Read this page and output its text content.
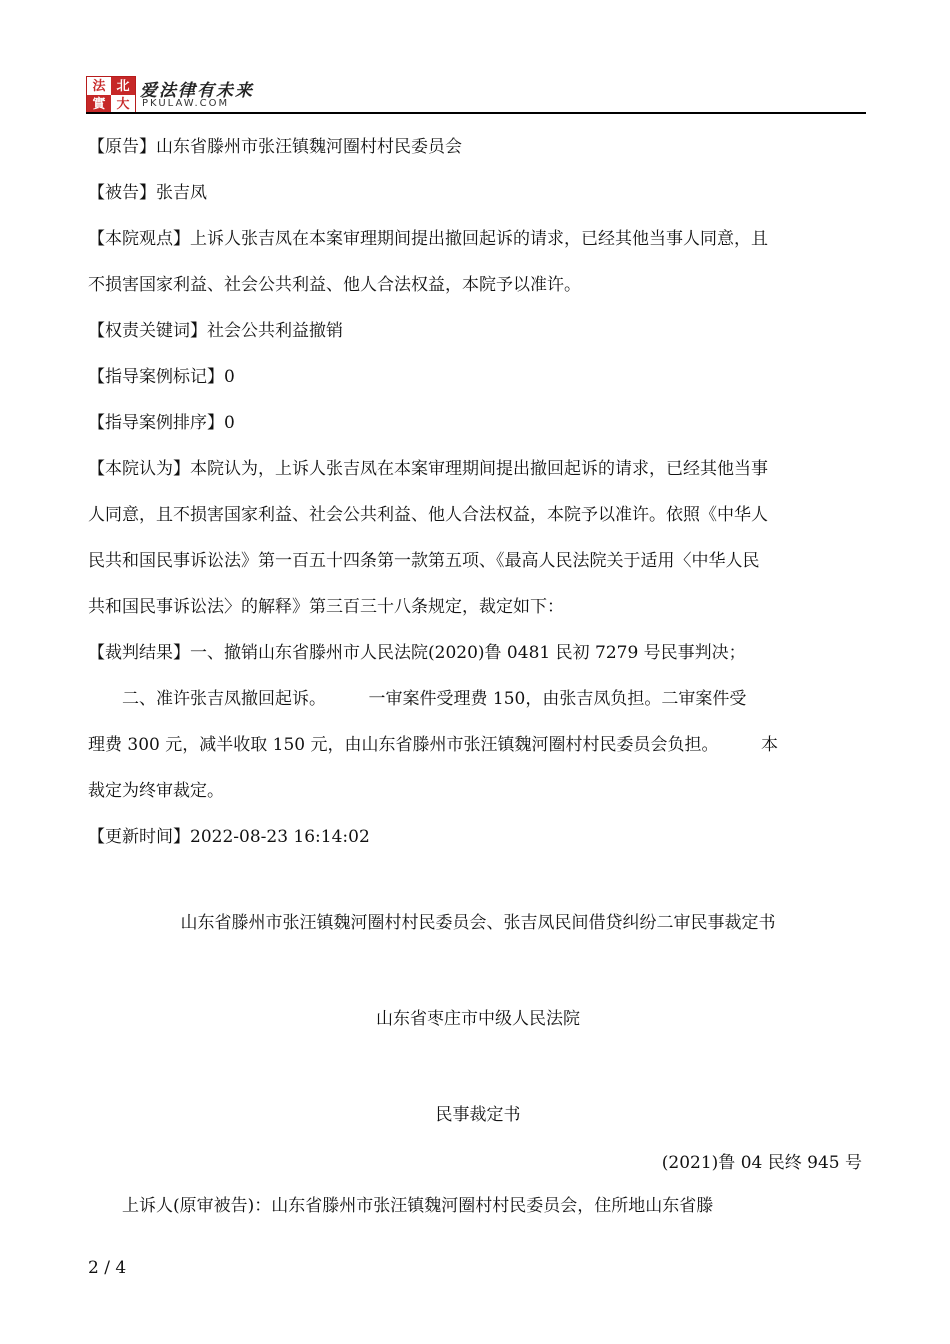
法 北
實 大
爱法律有未来
PKULAW.COM

【原告】山东省滕州市张汪镇魏河圈村村民委员会

【被告】张吉凤

【本院观点】上诉人张吉凤在本案审理期间提出撤回起诉的请求，已经其他当事人同意，且

不损害国家利益、社会公共利益、他人合法权益，本院予以准许。

【权责关键词】社会公共利益撤销

【指导案例标记】0

【指导案例排序】0

【本院认为】本院认为，上诉人张吉凤在本案审理期间提出撤回起诉的请求，已经其他当事

人同意，且不损害国家利益、社会公共利益、他人合法权益，本院予以准许。依照《中华人

民共和国民事诉讼法》第一百五十四条第一款第五项、《最高人民法院关于适用〈中华人民

共和国民事诉讼法〉的解释》第三百三十八条规定，裁定如下：

【裁判结果】一、撤销山东省滕州市人民法院(2020)鲁 0481 民初 7279 号民事判决；

　　二、准许张吉凤撤回起诉。　　　一审案件受理费 150，由张吉凤负担。二审案件受

理费 300 元，减半收取 150 元，由山东省滕州市张汪镇魏河圈村村民委员会负担。　　　本

裁定为终审裁定。

【更新时间】2022-08-23 16:14:02

山东省滕州市张汪镇魏河圈村村民委员会、张吉凤民间借贷纠纷二审民事裁定书

山东省枣庄市中级人民法院

民事裁定书

(2021)鲁 04 民终 945 号

　　上诉人(原审被告)：山东省滕州市张汪镇魏河圈村村民委员会，住所地山东省滕

2 / 4
